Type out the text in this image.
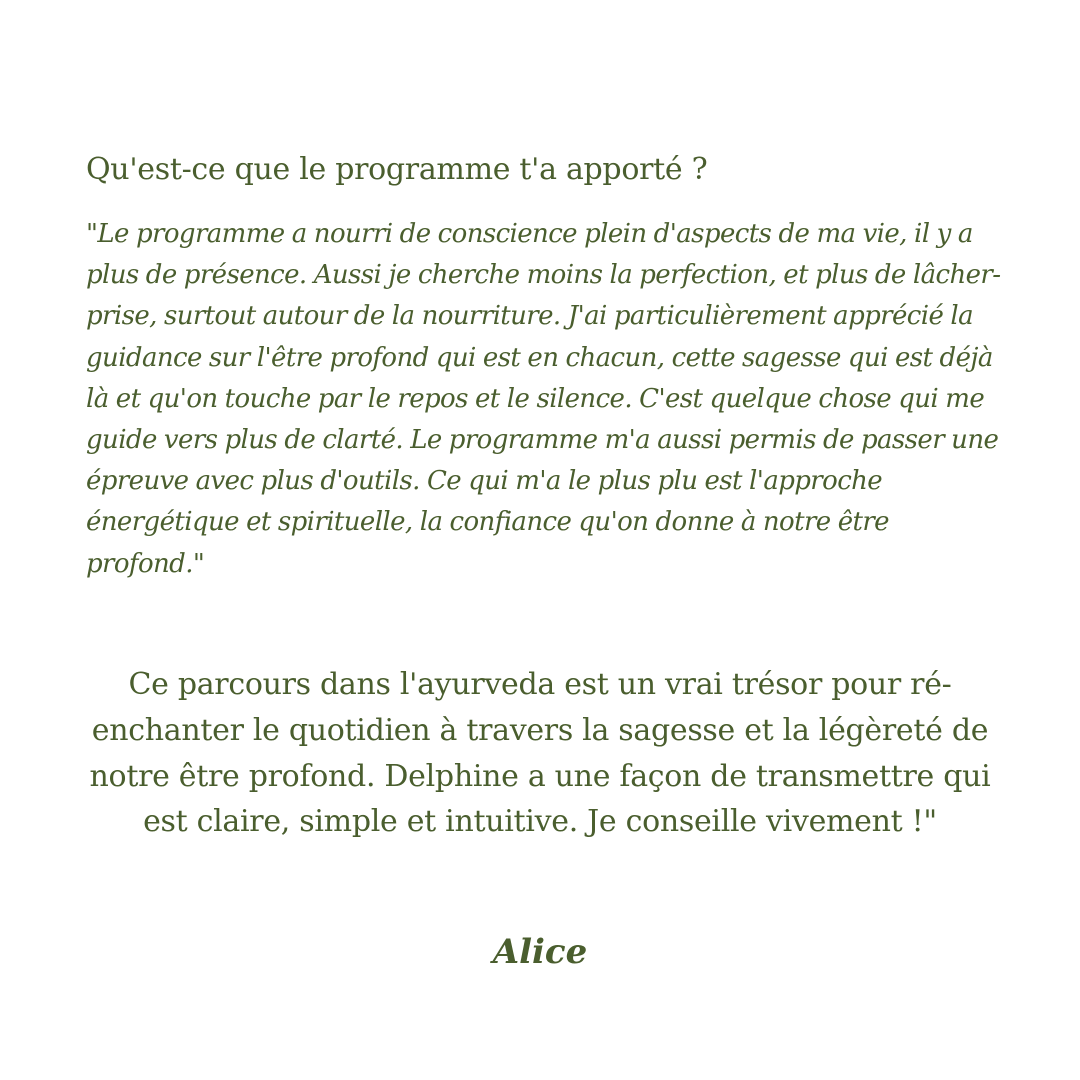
Qu'est-ce que le programme t'a apporté ?

"Le programme a nourri de conscience plein d'aspects de ma vie, il y a plus de présence. Aussi je cherche moins la perfection, et plus de lâcher-prise, surtout autour de la nourriture. J'ai particulièrement apprécié la guidance sur l'être profond qui est en chacun, cette sagesse qui est déjà là et qu'on touche par le repos et le silence. C'est quelque chose qui me guide vers plus de clarté. Le programme m'a aussi permis de passer une épreuve avec plus d'outils. Ce qui m'a le plus plu est l'approche énergétique et spirituelle, la confiance qu'on donne à notre être profond."

Ce parcours dans l'ayurveda est un vrai trésor pour ré-enchanter le quotidien à travers la sagesse et la légèreté de notre être profond. Delphine a une façon de transmettre qui est claire, simple et intuitive. Je conseille vivement !"

Alice
